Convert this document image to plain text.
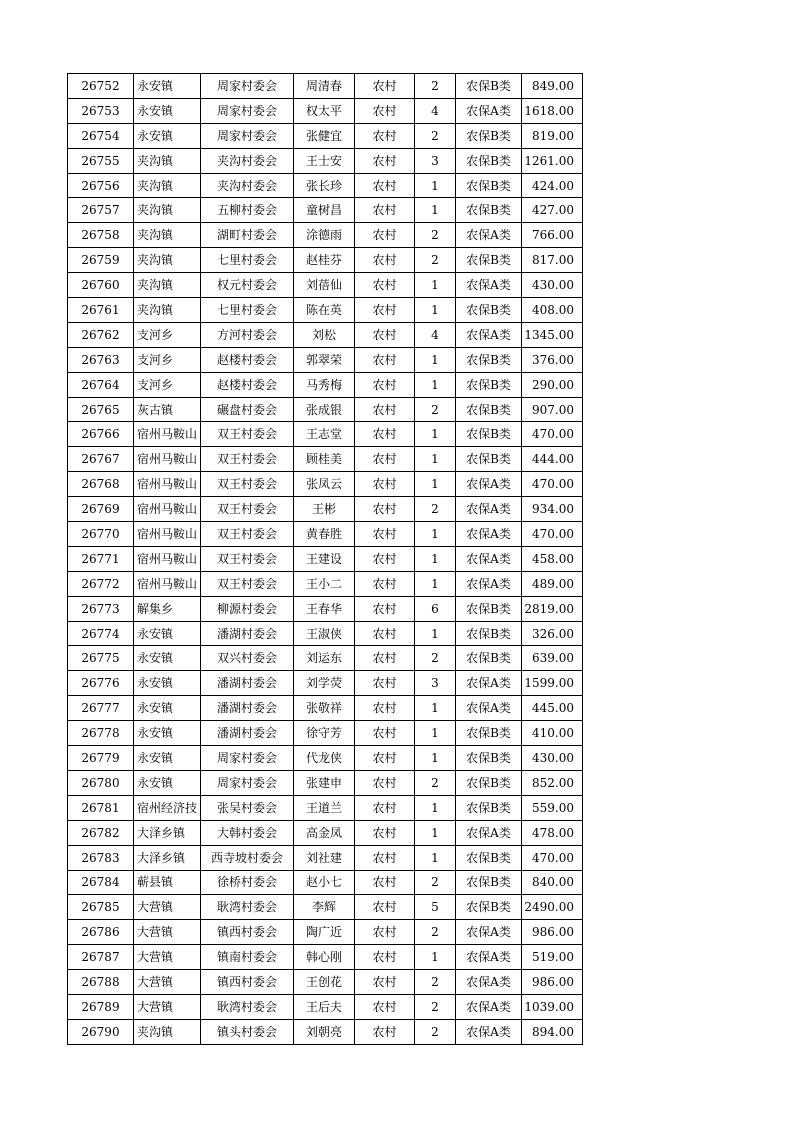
26752	永安镇	周家村委会	周清春	农村	2	农保B类	849.00
26753	永安镇	周家村委会	权太平	农村	4	农保A类	1618.00
26754	永安镇	周家村委会	张健宜	农村	2	农保B类	819.00
26755	夹沟镇	夹沟村委会	王士安	农村	3	农保B类	1261.00
26756	夹沟镇	夹沟村委会	张长珍	农村	1	农保B类	424.00
26757	夹沟镇	五柳村委会	童树昌	农村	1	农保B类	427.00
26758	夹沟镇	湖町村委会	涂德雨	农村	2	农保A类	766.00
26759	夹沟镇	七里村委会	赵桂芬	农村	2	农保B类	817.00
26760	夹沟镇	权元村委会	刘蓓仙	农村	1	农保A类	430.00
26761	夹沟镇	七里村委会	陈在英	农村	1	农保B类	408.00
26762	支河乡	方河村委会	刘松	农村	4	农保A类	1345.00
26763	支河乡	赵楼村委会	郭翠荣	农村	1	农保B类	376.00
26764	支河乡	赵楼村委会	马秀梅	农村	1	农保B类	290.00
26765	灰古镇	碾盘村委会	张成银	农村	2	农保B类	907.00
26766	宿州马鞍山	双王村委会	王志堂	农村	1	农保B类	470.00
26767	宿州马鞍山	双王村委会	顾桂美	农村	1	农保B类	444.00
26768	宿州马鞍山	双王村委会	张凤云	农村	1	农保A类	470.00
26769	宿州马鞍山	双王村委会	王彬	农村	2	农保A类	934.00
26770	宿州马鞍山	双王村委会	黄春胜	农村	1	农保A类	470.00
26771	宿州马鞍山	双王村委会	王建设	农村	1	农保A类	458.00
26772	宿州马鞍山	双王村委会	王小二	农村	1	农保A类	489.00
26773	解集乡	柳源村委会	王春华	农村	6	农保B类	2819.00
26774	永安镇	潘湖村委会	王淑侠	农村	1	农保B类	326.00
26775	永安镇	双兴村委会	刘运东	农村	2	农保B类	639.00
26776	永安镇	潘湖村委会	刘学荧	农村	3	农保A类	1599.00
26777	永安镇	潘湖村委会	张敬祥	农村	1	农保A类	445.00
26778	永安镇	潘湖村委会	徐守芳	农村	1	农保B类	410.00
26779	永安镇	周家村委会	代龙侠	农村	1	农保B类	430.00
26780	永安镇	周家村委会	张建申	农村	2	农保B类	852.00
26781	宿州经济技	张吴村委会	王道兰	农村	1	农保B类	559.00
26782	大泽乡镇	大韩村委会	高金凤	农村	1	农保A类	478.00
26783	大泽乡镇	西寺坡村委会	刘社建	农村	1	农保B类	470.00
26784	蕲县镇	徐桥村委会	赵小七	农村	2	农保B类	840.00
26785	大营镇	耿湾村委会	李辉	农村	5	农保B类	2490.00
26786	大营镇	镇西村委会	陶广近	农村	2	农保A类	986.00
26787	大营镇	镇南村委会	韩心刚	农村	1	农保A类	519.00
26788	大营镇	镇西村委会	王创花	农村	2	农保A类	986.00
26789	大营镇	耿湾村委会	王后夫	农村	2	农保A类	1039.00
26790	夹沟镇	镇头村委会	刘朝亮	农村	2	农保A类	894.00
